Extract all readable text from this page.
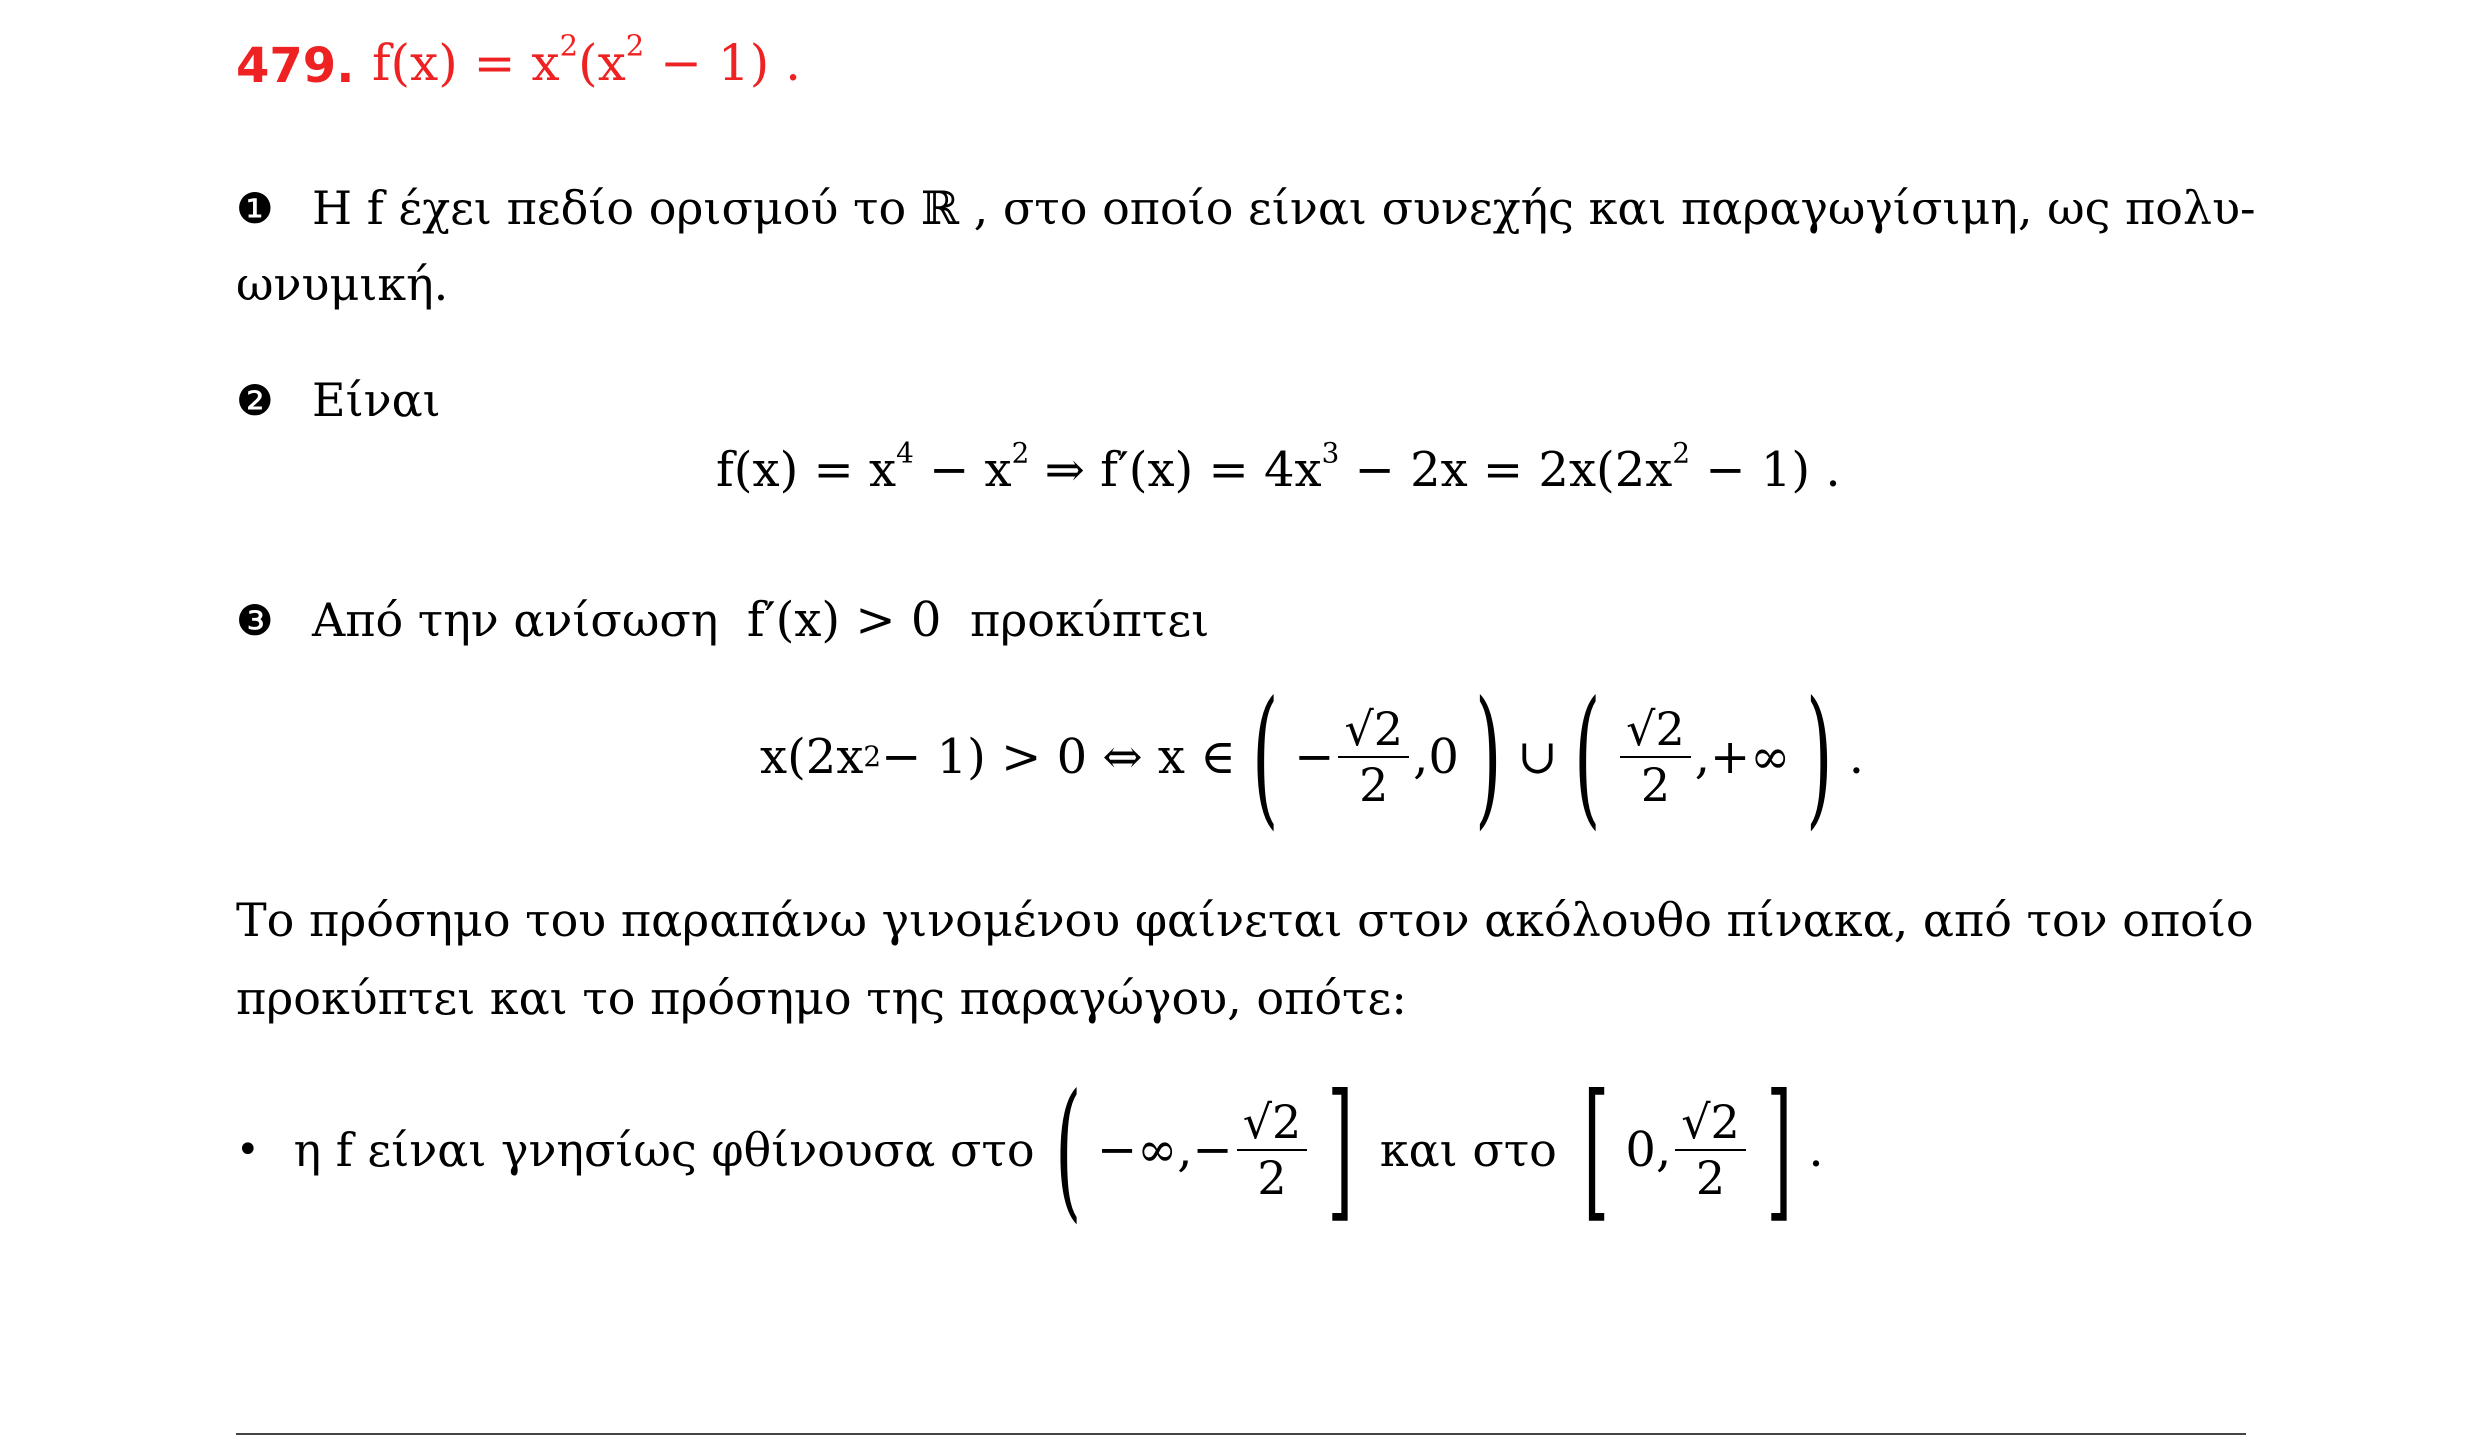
479. $f(x) = x^2(x^2 - 1)$ .
❶ Η f έχει πεδίο ορισμού το ℝ , στο οποίο είναι συνεχής και παραγωγίσιμη, ως πολυ-
ωνυμική.
❷ Είναι
$f(x) = x^4 - x^2$ ⇒ $f'(x) = 4x^3 - 2x = 2x(2x^2 - 1)$ .
❸ Από την ανίσωση f′(x) > 0 προκύπτει
x(2x 2 − 1) > 0 ⇔ x ∈ ( − $\frac{√2}{2} ,0$ ) ∪ ( $\frac{√2}{2}$ ,+∞ ) .
Το πρόσημο του παραπάνω γινομένου φαίνεται στον ακόλουθο πίνακα, από τον οποίο
προκύπτει και το πρόσημο της παραγώγου, οπότε:
• η f είναι γνησίως φθίνουσα στο ( −∞,− $\frac{√2}{2}$ ] και στο [ 0, $\frac{√2}{2}$ ] .
